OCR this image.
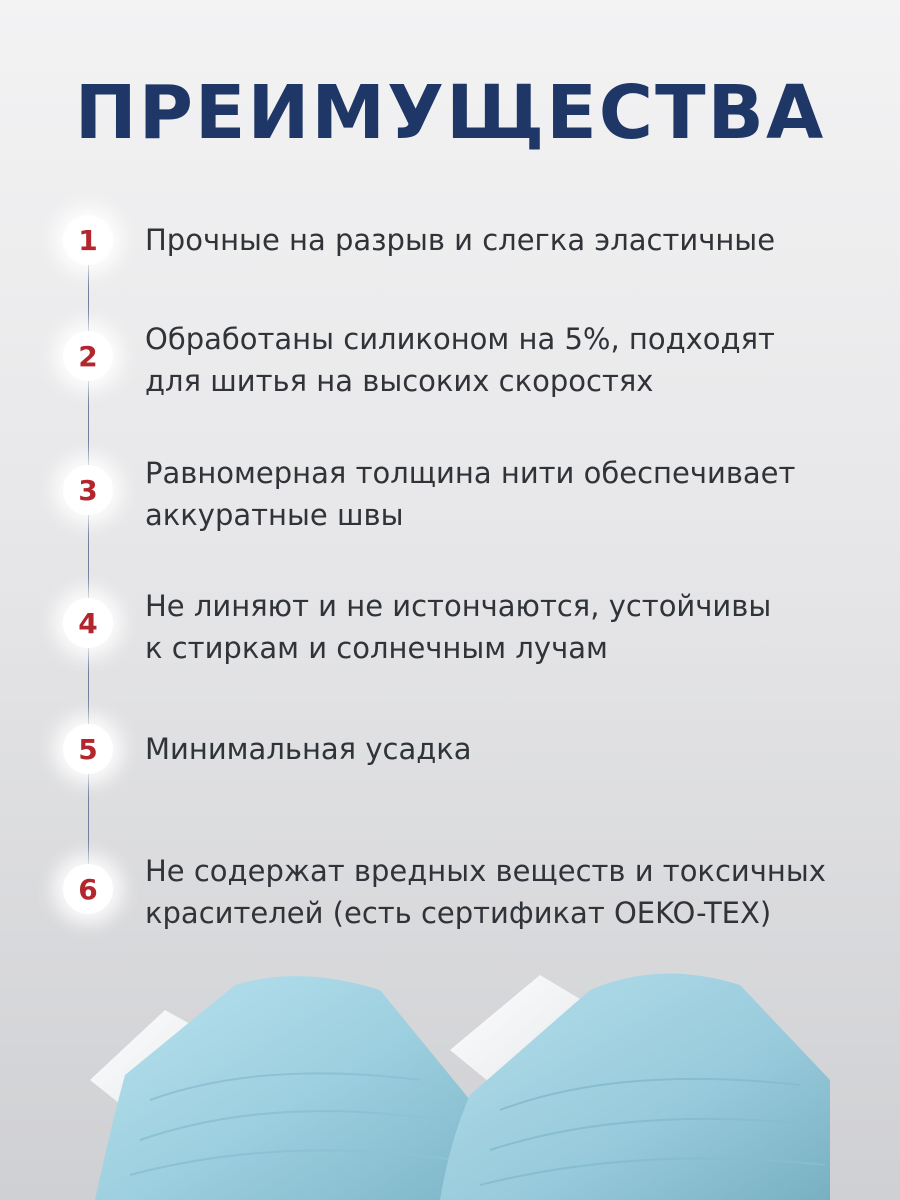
ПРЕИМУЩЕСТВА
1 Прочные на разрыв и слегка эластичные
2 Обработаны силиконом на 5%, подходят
для шитья на высоких скоростях
3 Равномерная толщина нити обеспечивает
аккуратные швы
4 Не линяют и не истончаются, устойчивы
к стиркам и солнечным лучам
5 Минимальная усадка
6
Не содержат вредных веществ и токсичных
красителей (есть сертификат OEKO-TEX)
